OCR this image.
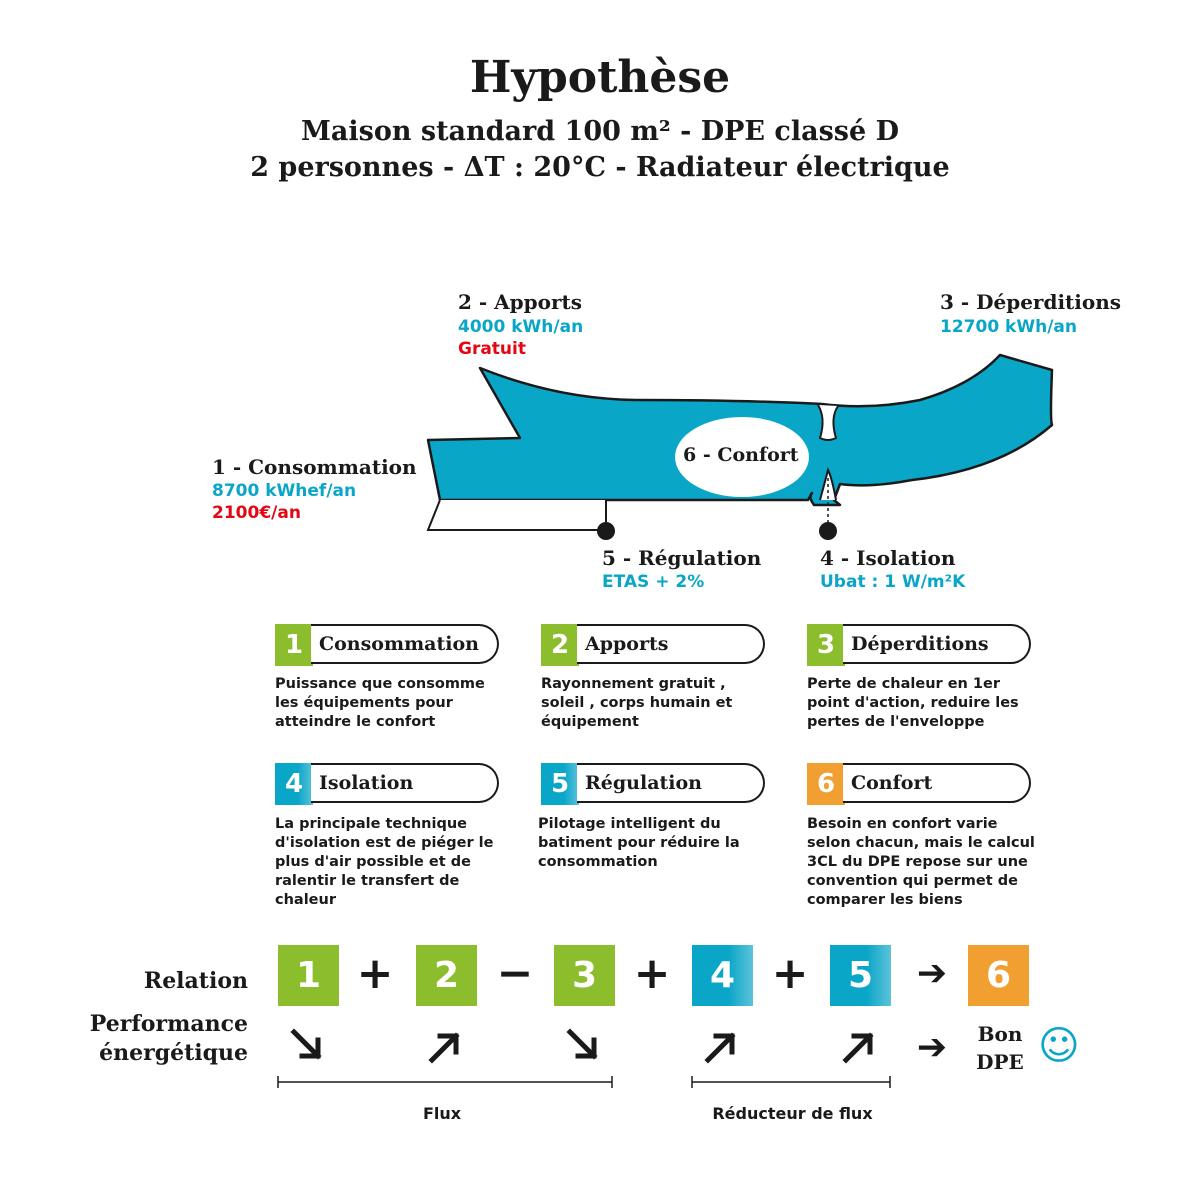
Hypothèse
Maison standard 100 m² - DPE classé D
2 personnes - ΔT : 20°C - Radiateur électrique
6 - Confort
2 - Apports
4000 kWh/an
Gratuit
3 - Déperditions
12700 kWh/an
1 - Consommation
8700 kWhef/an
2100€/an
5 - Régulation
ETAS + 2%
4 - Isolation
Ubat : 1 W/m²K
1 Consommation
Puissance que consomme
les équipements pour
atteindre le confort
2 Apports
Rayonnement gratuit ,
soleil , corps humain et
équipement
3 Déperditions
Perte de chaleur en 1er
point d'action, reduire les
pertes de l'enveloppe
4 Isolation
La principale technique
d'isolation est de piéger le
plus d'air possible et de
ralentir le transfert de
chaleur
5 Régulation
Pilotage intelligent du
batiment pour réduire la
consommation
6 Confort
Besoin en confort varie
selon chacun, mais le calcul
3CL du DPE repose sur une
convention qui permet de
comparer les biens
Relation	1 +	2 −	3 +	4 +	5	➔	6
Performance
énergétique	➔	Bon
DPE ☺
Flux	Réducteur de flux
